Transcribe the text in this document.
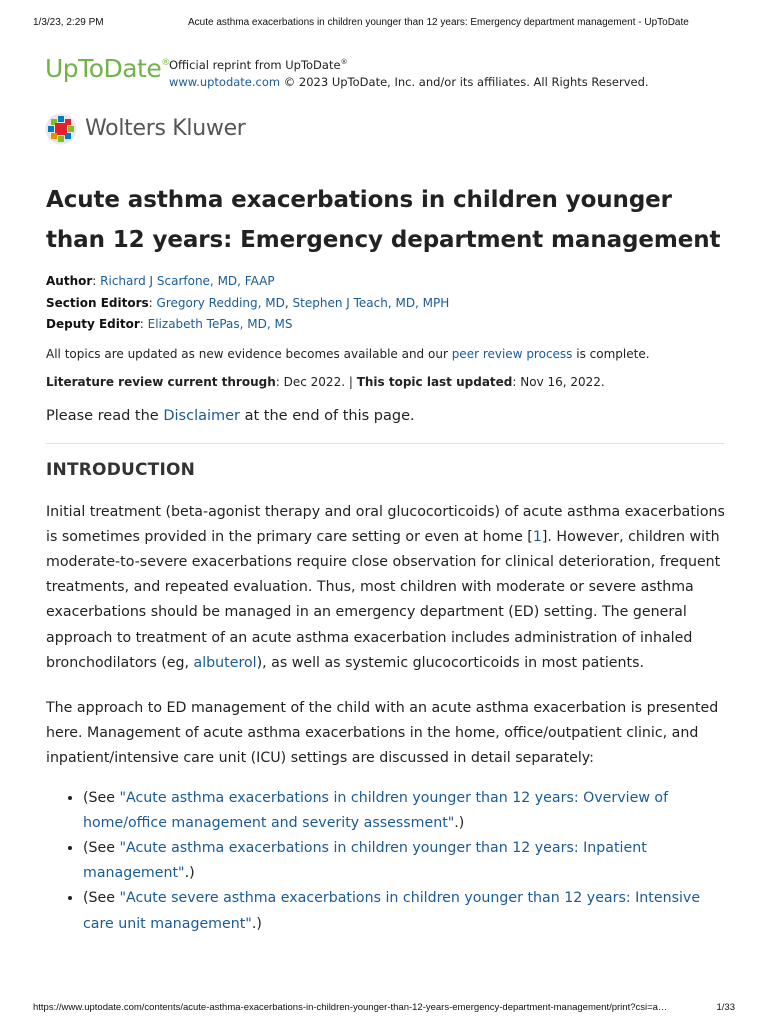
1/3/23, 2:29 PM	Acute asthma exacerbations in children younger than 12 years: Emergency department management - UpToDate
UpToDate® Official reprint from UpToDate®
www.uptodate.com © 2023 UpToDate, Inc. and/or its affiliates. All Rights Reserved.
Wolters Kluwer
Acute asthma exacerbations in children younger than 12 years: Emergency department management
Author: Richard J Scarfone, MD, FAAP
Section Editors: Gregory Redding, MD, Stephen J Teach, MD, MPH
Deputy Editor: Elizabeth TePas, MD, MS
All topics are updated as new evidence becomes available and our peer review process is complete.
Literature review current through: Dec 2022. | This topic last updated: Nov 16, 2022.
Please read the Disclaimer at the end of this page.
INTRODUCTION

Initial treatment (beta-agonist therapy and oral glucocorticoids) of acute asthma exacerbations is sometimes provided in the primary care setting or even at home [1]. However, children with moderate-to-severe exacerbations require close observation for clinical deterioration, frequent treatments, and repeated evaluation. Thus, most children with moderate or severe asthma exacerbations should be managed in an emergency department (ED) setting. The general approach to treatment of an acute asthma exacerbation includes administration of inhaled bronchodilators (eg, albuterol), as well as systemic glucocorticoids in most patients.

The approach to ED management of the child with an acute asthma exacerbation is presented here. Management of acute asthma exacerbations in the home, office/outpatient clinic, and inpatient/intensive care unit (ICU) settings are discussed in detail separately:

• (See "Acute asthma exacerbations in children younger than 12 years: Overview of home/office management and severity assessment".)
• (See "Acute asthma exacerbations in children younger than 12 years: Inpatient management".)
• (See "Acute severe asthma exacerbations in children younger than 12 years: Intensive care unit management".)
https://www.uptodate.com/contents/acute-asthma-exacerbations-in-children-younger-than-12-years-emergency-department-management/print?csi=a…	1/33
